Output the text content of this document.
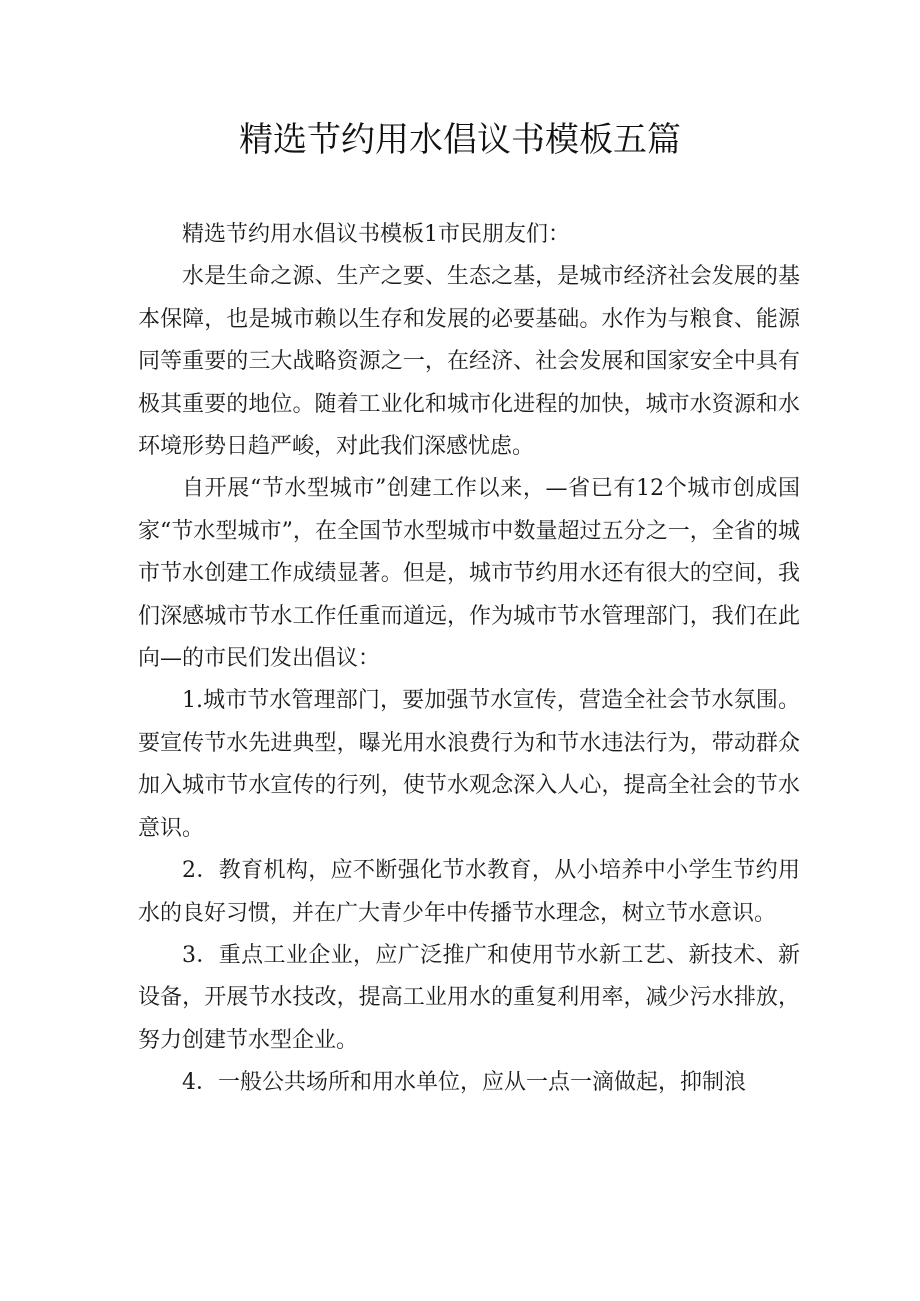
精选节约用水倡议书模板五篇

精选节约用水倡议书模板1市民朋友们：

水是生命之源、生产之要、生态之基，是城市经济社会发展的基本保障，也是城市赖以生存和发展的必要基础。水作为与粮食、能源同等重要的三大战略资源之一，在经济、社会发展和国家安全中具有极其重要的地位。随着工业化和城市化进程的加快，城市水资源和水环境形势日趋严峻，对此我们深感忧虑。

自开展“节水型城市”创建工作以来，—省已有12个城市创成国家“节水型城市”，在全国节水型城市中数量超过五分之一，全省的城市节水创建工作成绩显著。但是，城市节约用水还有很大的空间，我们深感城市节水工作任重而道远，作为城市节水管理部门，我们在此向—的市民们发出倡议：

1.城市节水管理部门，要加强节水宣传，营造全社会节水氛围。要宣传节水先进典型，曝光用水浪费行为和节水违法行为，带动群众加入城市节水宣传的行列，使节水观念深入人心，提高全社会的节水意识。

2．教育机构，应不断强化节水教育，从小培养中小学生节约用水的良好习惯，并在广大青少年中传播节水理念，树立节水意识。

3．重点工业企业，应广泛推广和使用节水新工艺、新技术、新设备，开展节水技改，提高工业用水的重复利用率，减少污水排放，努力创建节水型企业。

4．一般公共场所和用水单位，应从一点一滴做起，抑制浪
